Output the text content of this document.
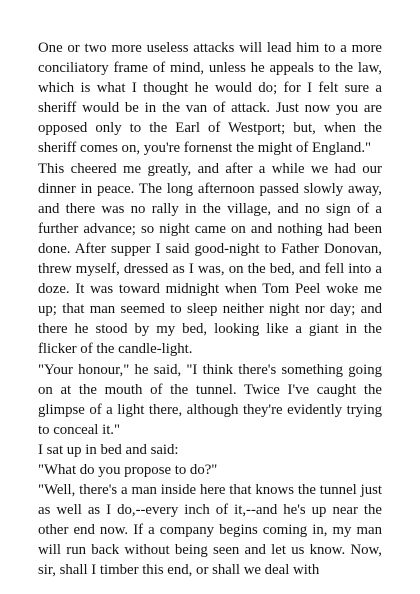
One or two more useless attacks will lead him to a more conciliatory frame of mind, unless he appeals to the law, which is what I thought he would do; for I felt sure a sheriff would be in the van of attack. Just now you are opposed only to the Earl of Westport; but, when the sheriff comes on, you're fornenst the might of England."

This cheered me greatly, and after a while we had our dinner in peace. The long afternoon passed slowly away, and there was no rally in the village, and no sign of a further advance; so night came on and nothing had been done. After supper I said good-night to Father Donovan, threw myself, dressed as I was, on the bed, and fell into a doze. It was toward midnight when Tom Peel woke me up; that man seemed to sleep neither night nor day; and there he stood by my bed, looking like a giant in the flicker of the candle-light.

"Your honour," he said, "I think there's something going on at the mouth of the tunnel. Twice I've caught the glimpse of a light there, although they're evidently trying to conceal it."

I sat up in bed and said:

"What do you propose to do?"

"Well, there's a man inside here that knows the tunnel just as well as I do,--every inch of it,--and he's up near the other end now. If a company begins coming in, my man will run back without being seen and let us know. Now, sir, shall I timber this end, or shall we deal with
